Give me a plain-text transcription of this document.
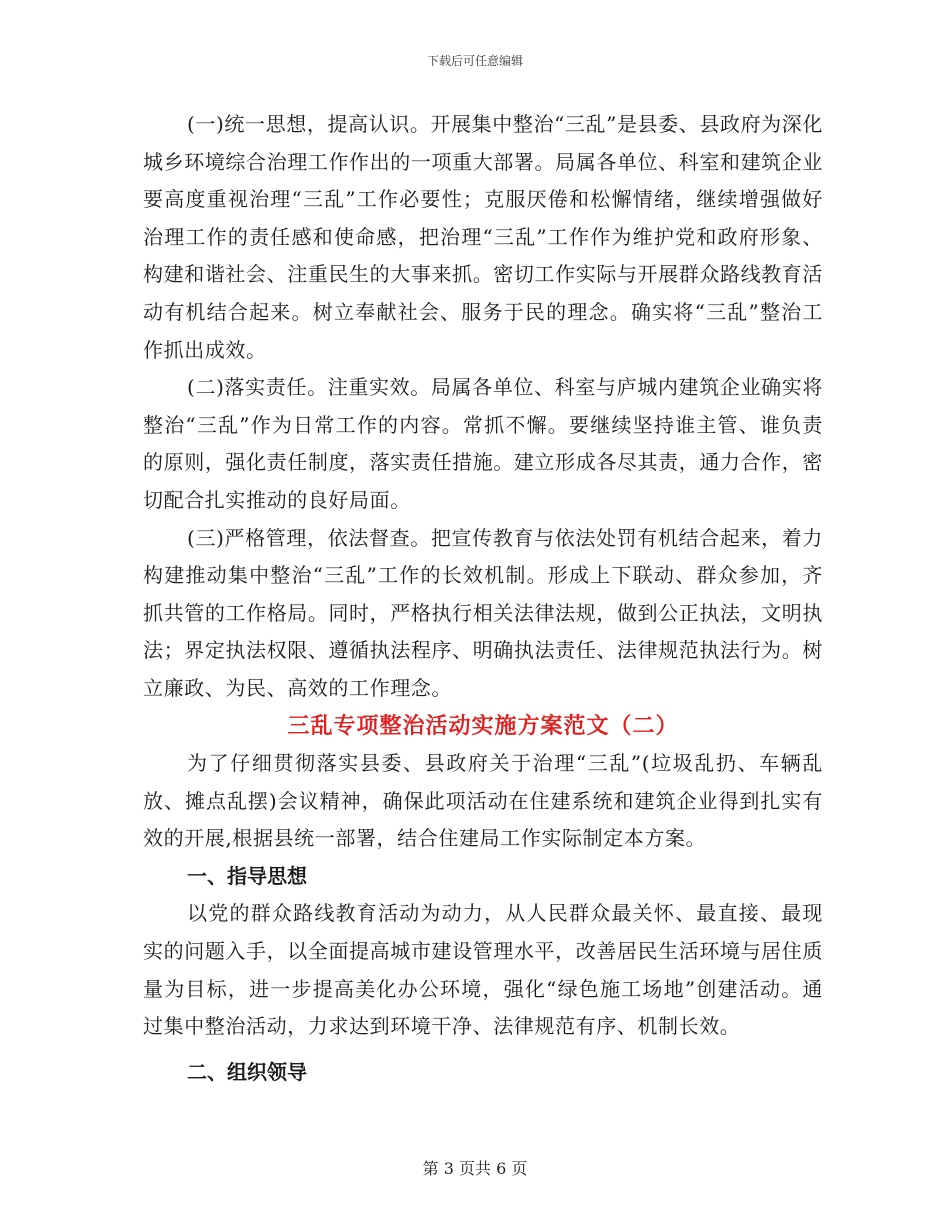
下载后可任意编辑

(一)统一思想，提高认识。开展集中整治“三乱”是县委、县政府为深化城乡环境综合治理工作作出的一项重大部署。局属各单位、科室和建筑企业要高度重视治理“三乱”工作必要性；克服厌倦和松懈情绪，继续增强做好治理工作的责任感和使命感，把治理“三乱”工作作为维护党和政府形象、构建和谐社会、注重民生的大事来抓。密切工作实际与开展群众路线教育活动有机结合起来。树立奉献社会、服务于民的理念。确实将“三乱”整治工作抓出成效。

(二)落实责任。注重实效。局属各单位、科室与庐城内建筑企业确实将整治“三乱”作为日常工作的内容。常抓不懈。要继续坚持谁主管、谁负责的原则，强化责任制度，落实责任措施。建立形成各尽其责，通力合作，密切配合扎实推动的良好局面。

(三)严格管理，依法督查。把宣传教育与依法处罚有机结合起来，着力构建推动集中整治“三乱”工作的长效机制。形成上下联动、群众参加，齐抓共管的工作格局。同时，严格执行相关法律法规，做到公正执法，文明执法；界定执法权限、遵循执法程序、明确执法责任、法律规范执法行为。树立廉政、为民、高效的工作理念。

三乱专项整治活动实施方案范文（二）

为了仔细贯彻落实县委、县政府关于治理“三乱”(垃圾乱扔、车辆乱放、摊点乱摆)会议精神，确保此项活动在住建系统和建筑企业得到扎实有效的开展,根据县统一部署，结合住建局工作实际制定本方案。

一、指导思想

以党的群众路线教育活动为动力，从人民群众最关怀、最直接、最现实的问题入手，以全面提高城市建设管理水平，改善居民生活环境与居住质量为目标，进一步提高美化办公环境，强化“绿色施工场地”创建活动。通过集中整治活动，力求达到环境干净、法律规范有序、机制长效。

二、组织领导
第 3 页共 6 页
